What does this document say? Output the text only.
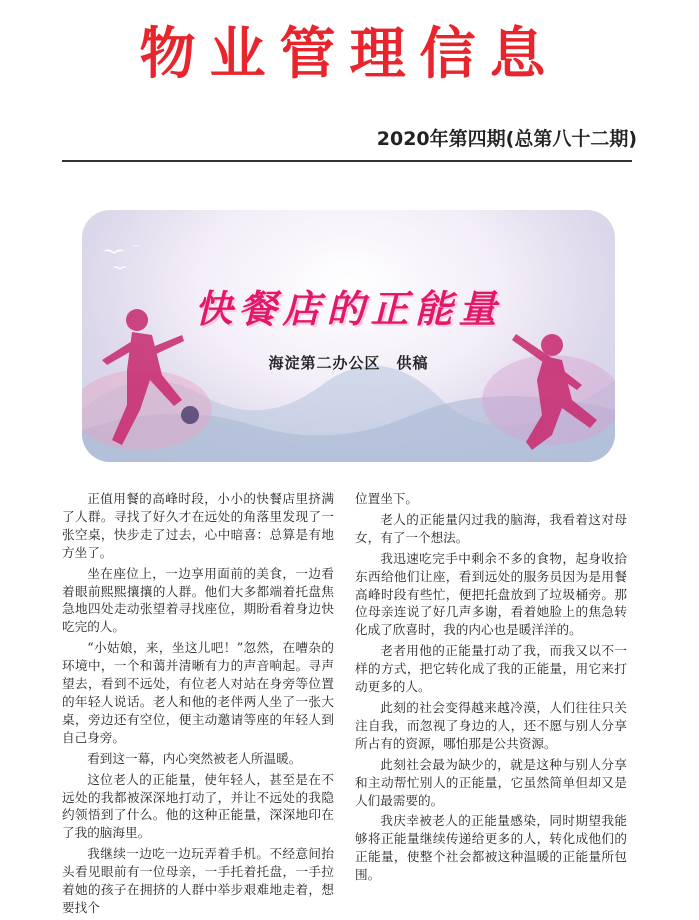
物业管理信息
2020年第四期(总第八十二期)
快餐店的正能量
海淀第二办公区　供稿

正值用餐的高峰时段，小小的快餐店里挤满了人群。寻找了好久才在远处的角落里发现了一张空桌，快步走了过去，心中暗喜：总算是有地方坐了。

坐在座位上，一边享用面前的美食，一边看着眼前熙熙攘攘的人群。他们大多都端着托盘焦急地四处走动张望着寻找座位，期盼看着身边快吃完的人。

“小姑娘，来，坐这儿吧！”忽然，在嘈杂的环境中，一个和蔼并清晰有力的声音响起。寻声望去，看到不远处，有位老人对站在身旁等位置的年轻人说话。老人和他的老伴两人坐了一张大桌，旁边还有空位，便主动邀请等座的年轻人到自己身旁。

看到这一幕，内心突然被老人所温暖。

这位老人的正能量，使年轻人，甚至是在不远处的我都被深深地打动了，并让不远处的我隐约领悟到了什么。他的这种正能量，深深地印在了我的脑海里。

我继续一边吃一边玩弄着手机。不经意间抬头看见眼前有一位母亲，一手托着托盘，一手拉着她的孩子在拥挤的人群中举步艰难地走着，想要找个

位置坐下。

老人的正能量闪过我的脑海，我看着这对母女，有了一个想法。

我迅速吃完手中剩余不多的食物，起身收拾东西给他们让座，看到远处的服务员因为是用餐高峰时段有些忙，便把托盘放到了垃圾桶旁。那位母亲连说了好几声多谢，看着她脸上的焦急转化成了欣喜时，我的内心也是暖洋洋的。

老者用他的正能量打动了我，而我又以不一样的方式，把它转化成了我的正能量，用它来打动更多的人。

此刻的社会变得越来越冷漠，人们往往只关注自我，而忽视了身边的人，还不愿与别人分享所占有的资源，哪怕那是公共资源。

此刻社会最为缺少的，就是这种与别人分享和主动帮忙别人的正能量，它虽然简单但却又是人们最需要的。

我庆幸被老人的正能量感染，同时期望我能够将正能量继续传递给更多的人，转化成他们的正能量，使整个社会都被这种温暖的正能量所包围。
